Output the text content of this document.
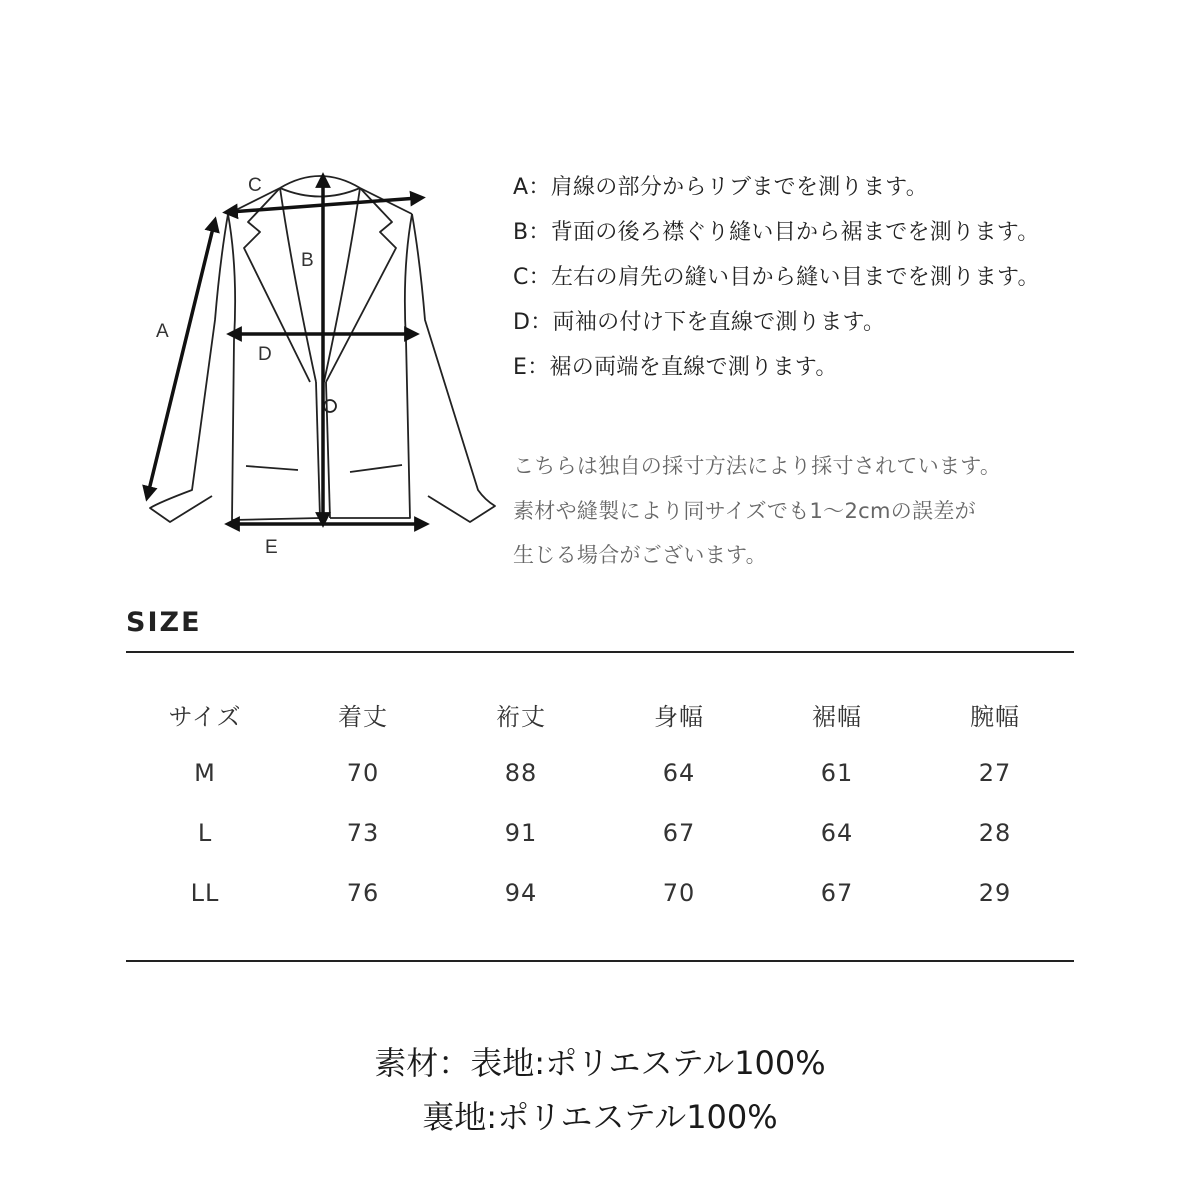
A
B
C
D
E
A：肩線の部分からリブまでを測ります。
B：背面の後ろ襟ぐり縫い目から裾までを測ります。
C：左右の肩先の縫い目から縫い目までを測ります。
D：両袖の付け下を直線で測ります。
E：裾の両端を直線で測ります。
こちらは独自の採寸方法により採寸されています。
素材や縫製により同サイズでも1～2cmの誤差が
生じる場合がございます。
SIZE
サイズ	着丈	裄丈	身幅	裾幅	腕幅
M	70	88	64	61	27
L	73	91	67	64	28
LL	76	94	70	67	29
素材：表地:ポリエステル100%
裏地:ポリエステル100%
